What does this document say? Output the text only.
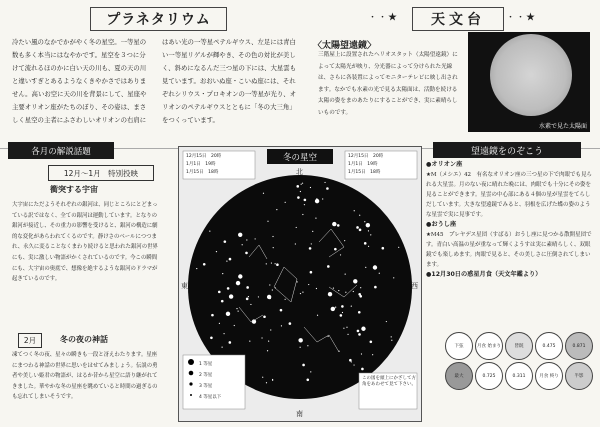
プラネタリウム
冷たい風のなかでかがやく冬の星空。一等星の数も多く本当にはなやかです。星空を３つに分けて流れるほのかに白い天の川も、夏の天の川と違いすぎとあるようなくきやかさではありません。高いお空に天の川を背景にして、星座や主要オリオン座がたちのぼり、その姿は、まさしく星空の主者にふさわしいオリオンの右肩にはあい光の一等星ペテルギウス、左足には青白い一等星リゲルが輝やき、その色の対比が美しく、斜めになるんだ三つ星の下には、大星雲も見ています。おおいぬ座・こいぬ座には、それぞれシリウス・プロキオンの一等星が光り、オリオンのペテルギウスとともに「冬の大三角」をつくっています。
・・★	天文台	・・★
〈太陽望遠鏡〉
三階屋上に設置されたヘリオスタット（太陽望遠鏡）によって太陽光が映り、分光器によって分けられた光線は、さらに各装置によってモニターテレビに映し出されます。なかでも水素の光で見る太陽面は、活動を続ける太陽の姿をまのあたりにすることができ、実に素晴らしいものです。
水素で見た太陽面
各月の解説話題
12月～1月　特別投映
衝突する宇宙
大宇宙にただようそれぞれの銀河は、同じところにとどまっている訳ではなく、全ての銀河は運動しています。となりの銀河が接近し、その重力の影響を受けると、銀河の構造に劇的な変化があらわれてくるのです。静けさのベールにつつまれ、永久に変ることなくまわり続けると思われた銀河の世界にも、実に激しい物語がかくされているのです。今この瞬間にも、大宇宙の奥底で、想像を絶するような銀河のドラマが起きているのです。
2月	冬の夜の神話
凍てつく冬の夜、星々の瞬きも一段と冴えわたります。星座にまつわる神話の世界に思いをはせてみましょう。伝説の勇者や美しい姫君の物語が、はるか昔から星空に語り継がれてきました。華やかな冬の星座を眺めていると時間の過ぎるのも忘れてしまいそうです。
冬の星空
北
南
東	西
12月15日　20時
1月1日　19時
1月15日　18時
12月15日　20時
1月1日　19時
1月15日　18時
1 等星
2 等星
3 等星
4 等星以下
この図を頭上にかざして方角をあわせて見て下さい。
望遠鏡をのぞこう
●オリオン座
★M（メシエ）42　有名なオリオン座の三つ星の下で肉眼でも見られる大星雲。月のない夜に晴れた晩には、肉眼でも十分にその姿を見ることができます。星雲の中心部にある４個の星が星雲をてらしだしています。大きな望遠鏡でみると、羽根を広げた蝶の姿のような星雲で実に見事です。
●おうし座
★M45　プレヤデス星団（すばる）おうし座に見つかる散開星団です。青白い高温の星が重なって輝くようすは実に素晴らしく、双眼鏡でも楽しめます。肉眼で見ると、その美しさに圧倒されてしまいます。
●12月30日の惑星月食（天文年鑑より）
下弦	月食 始まり	皆既	0.475	0.871
最大	0.725	0.311	月食 終り	半影
